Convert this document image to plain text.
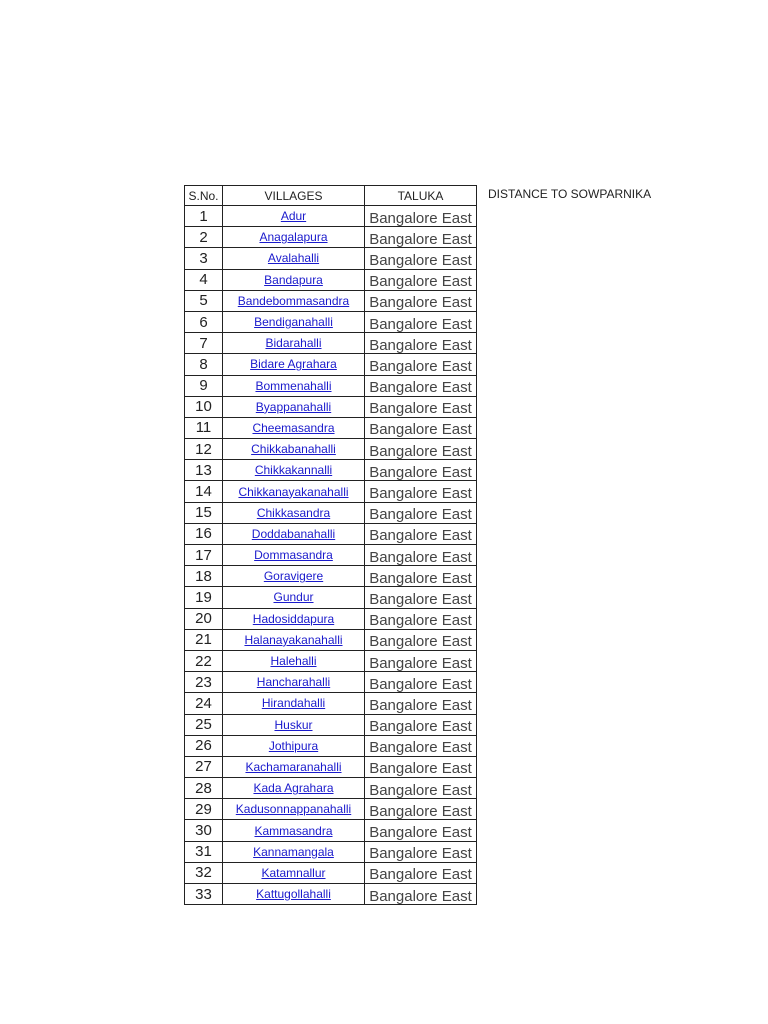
S.No.	VILLAGES	TALUKA
1	Adur	Bangalore East

2	Anagalapura	Bangalore East

3	Avalahalli	Bangalore East

4	Bandapura	Bangalore East

5	Bandebommasandra	Bangalore East

6	Bendiganahalli	Bangalore East

7	Bidarahalli	Bangalore East

8	Bidare Agrahara	Bangalore East

9	Bommenahalli	Bangalore East

10	Byappanahalli	Bangalore East

11	Cheemasandra	Bangalore East

12	Chikkabanahalli	Bangalore East

13	Chikkakannalli	Bangalore East

14	Chikkanayakanahalli	Bangalore East

15	Chikkasandra	Bangalore East

16	Doddabanahalli	Bangalore East

17	Dommasandra	Bangalore East

18	Goravigere	Bangalore East

19	Gundur	Bangalore East

20	Hadosiddapura	Bangalore East

21	Halanayakanahalli	Bangalore East

22	Halehalli	Bangalore East

23	Hancharahalli	Bangalore East

24	Hirandahalli	Bangalore East

25	Huskur	Bangalore East

26	Jothipura	Bangalore East

27	Kachamaranahalli	Bangalore East

28	Kada Agrahara	Bangalore East

29	Kadusonnappanahalli	Bangalore East

30	Kammasandra	Bangalore East

31	Kannamangala	Bangalore East

32	Katamnallur	Bangalore East

33	Kattugollahalli	Bangalore East
DISTANCE TO SOWPARNIKA
